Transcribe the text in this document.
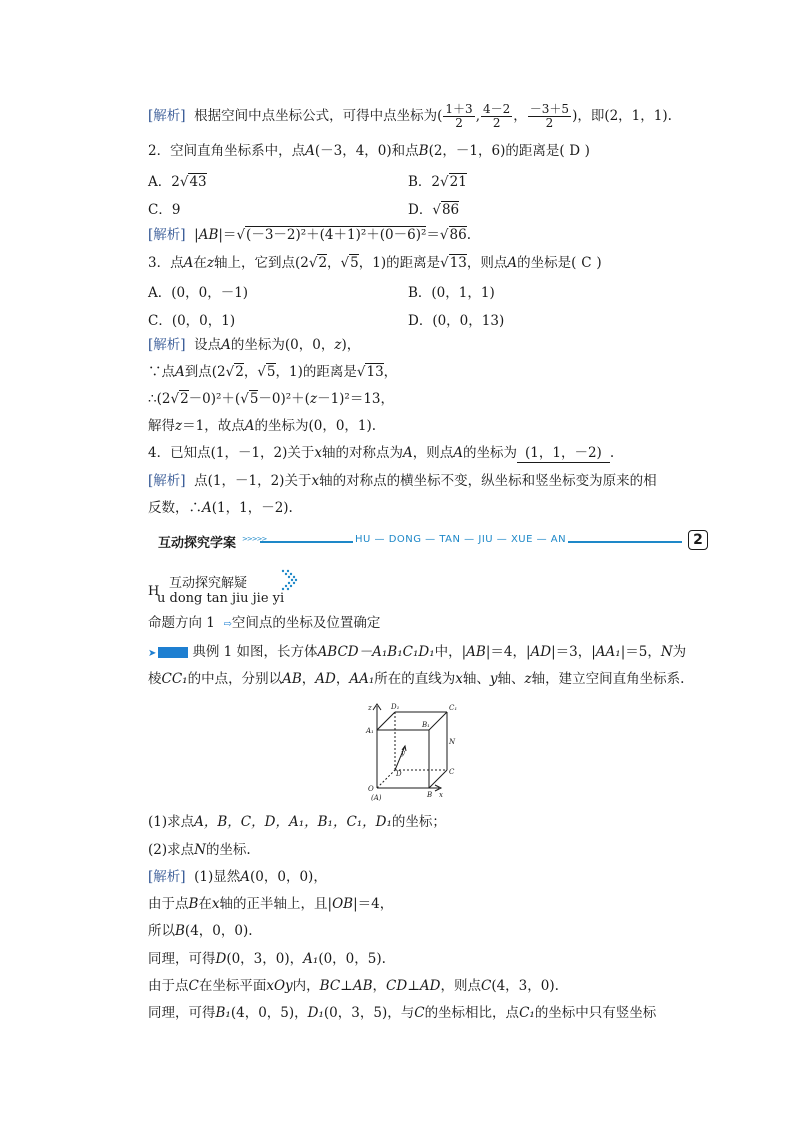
[解析] 根据空间中点坐标公式，可得中点坐标为( $\frac{1+3}{2}$ , $\frac{4-2}{2}$ ， $\frac{-3+5}{2}$ )，即(2，1，1).
2．空间直角坐标系中，点A(－3，4，0)和点B(2，－1，6)的距离是( D )
A．2√43	B．2√21
C．9	D．√86
[解析] |AB|＝√(－3－2)²＋(4＋1)²＋(0－6)²＝√86.
3．点A在z轴上，它到点(2√2，√5，1)的距离是√13，则点A的坐标是( C )
A．(0，0，－1)	B．(0，1，1)
C．(0，0，1)	D．(0，0，13)
[解析] 设点A的坐标为(0，0，z)，
∵点A到点(2√2，√5，1)的距离是√13，
∴(2√2－0)²＋(√5－0)²＋(z－1)²＝13，
解得z＝1，故点A的坐标为(0，0，1).
4．已知点(1，－1，2)关于x轴的对称点为A，则点A的坐标为 (1，1，－2) .
[解析] 点(1，－1，2)关于x轴的对称点的横坐标不变，纵坐标和竖坐标变为原来的相
反数，∴A(1，1，－2).
互动探究学案 >>>>>	HU — DONG — TAN — JIU — XUE — AN	2
H
互动探究解疑
u dong tan jiu jie yi
命题方向 1 ⇨空间点的坐标及位置确定
➤	典例 1 如图，长方体ABCD－A₁B₁C₁D₁中，|AB|＝4，|AD|＝3，|AA₁|＝5，N为
棱CC₁的中点，分别以AB，AD，AA₁所在的直线为x轴、y轴、z轴，建立空间直角坐标系.
z	D₁
B₁
C₁
A₁
N
y
D	C
O
(A)	B x
(1)求点A，B，C，D，A₁，B₁，C₁，D₁的坐标；
(2)求点N的坐标.
[解析] (1)显然A(0，0，0)，
由于点B在x轴的正半轴上，且|OB|＝4，
所以B(4，0，0).
同理，可得D(0，3，0)，A₁(0，0，5).
由于点C在坐标平面xOy内，BC⊥AB，CD⊥AD，则点C(4，3，0).
同理，可得B₁(4，0，5)，D₁(0，3，5)，与C的坐标相比，点C₁的坐标中只有竖坐标
